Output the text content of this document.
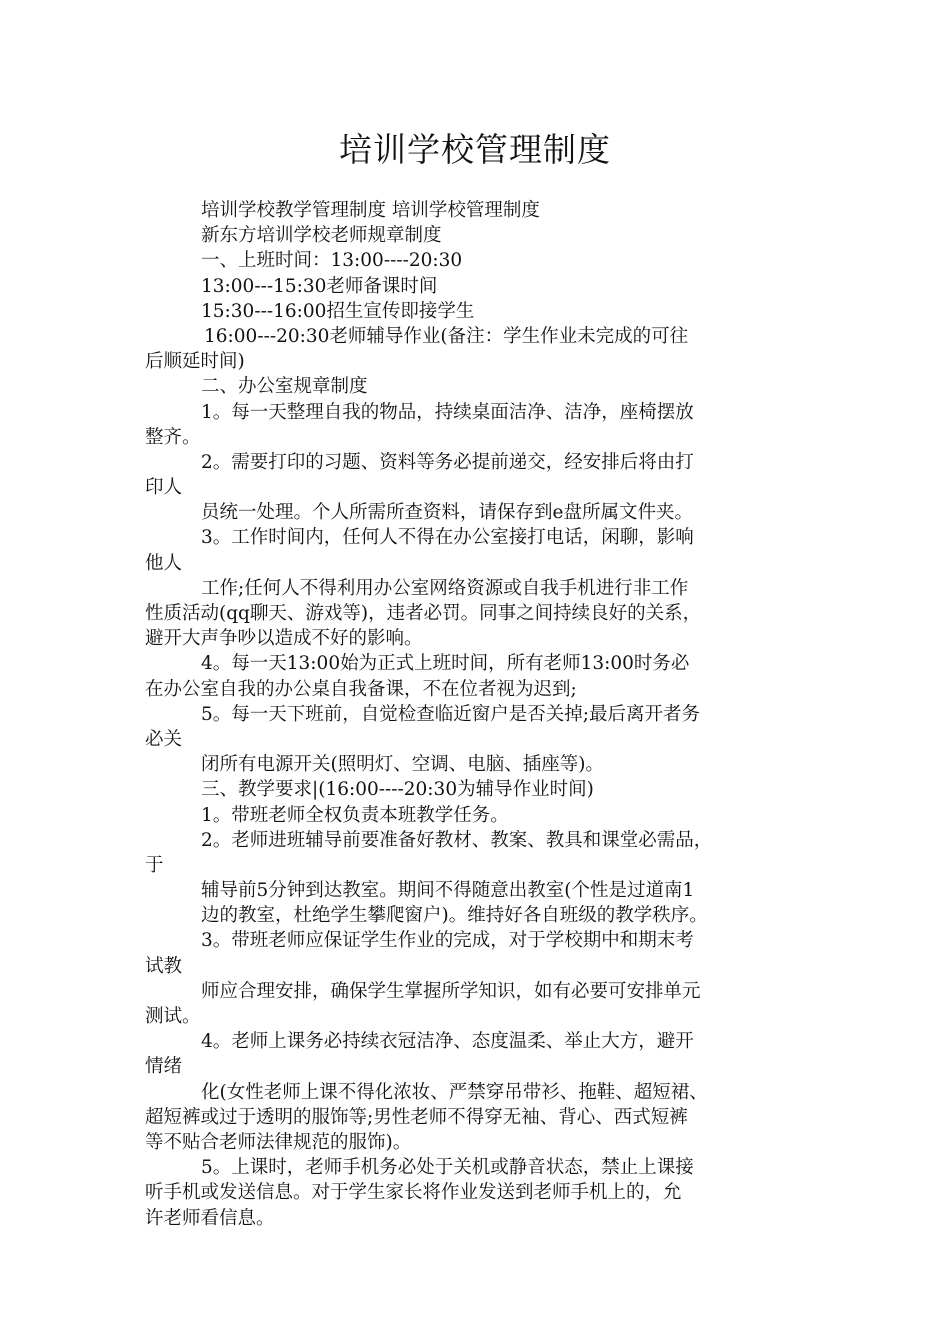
培训学校管理制度
培训学校教学管理制度 培训学校管理制度
新东方培训学校老师规章制度
一、上班时间：13:00----20:30
13:00---15:30老师备课时间
15:30---16:00招生宣传即接学生
16:00---20:30老师辅导作业(备注：学生作业未完成的可往
后顺延时间)
二、办公室规章制度
1。每一天整理自我的物品，持续桌面洁净、洁净，座椅摆放
整齐。
2。需要打印的习题、资料等务必提前递交，经安排后将由打
印人
员统一处理。个人所需所查资料，请保存到e盘所属文件夹。
3。工作时间内，任何人不得在办公室接打电话，闲聊，影响
他人
工作;任何人不得利用办公室网络资源或自我手机进行非工作
性质活动(qq聊天、游戏等)，违者必罚。同事之间持续良好的关系，
避开大声争吵以造成不好的影响。
4。每一天13:00始为正式上班时间，所有老师13:00时务必
在办公室自我的办公桌自我备课，不在位者视为迟到;
5。每一天下班前，自觉检查临近窗户是否关掉;最后离开者务
必关
闭所有电源开关(照明灯、空调、电脑、插座等)。
三、教学要求|(16:00----20:30为辅导作业时间)
1。带班老师全权负责本班教学任务。
2。老师进班辅导前要准备好教材、教案、教具和课堂必需品，
于
辅导前5分钟到达教室。期间不得随意出教室(个性是过道南1
边的教室，杜绝学生攀爬窗户)。维持好各自班级的教学秩序。
3。带班老师应保证学生作业的完成，对于学校期中和期末考
试教
师应合理安排，确保学生掌握所学知识，如有必要可安排单元
测试。
4。老师上课务必持续衣冠洁净、态度温柔、举止大方，避开
情绪
化(女性老师上课不得化浓妆、严禁穿吊带衫、拖鞋、超短裙、
超短裤或过于透明的服饰等;男性老师不得穿无袖、背心、西式短裤
等不贴合老师法律规范的服饰)。
5。上课时，老师手机务必处于关机或静音状态，禁止上课接
听手机或发送信息。对于学生家长将作业发送到老师手机上的，允
许老师看信息。
